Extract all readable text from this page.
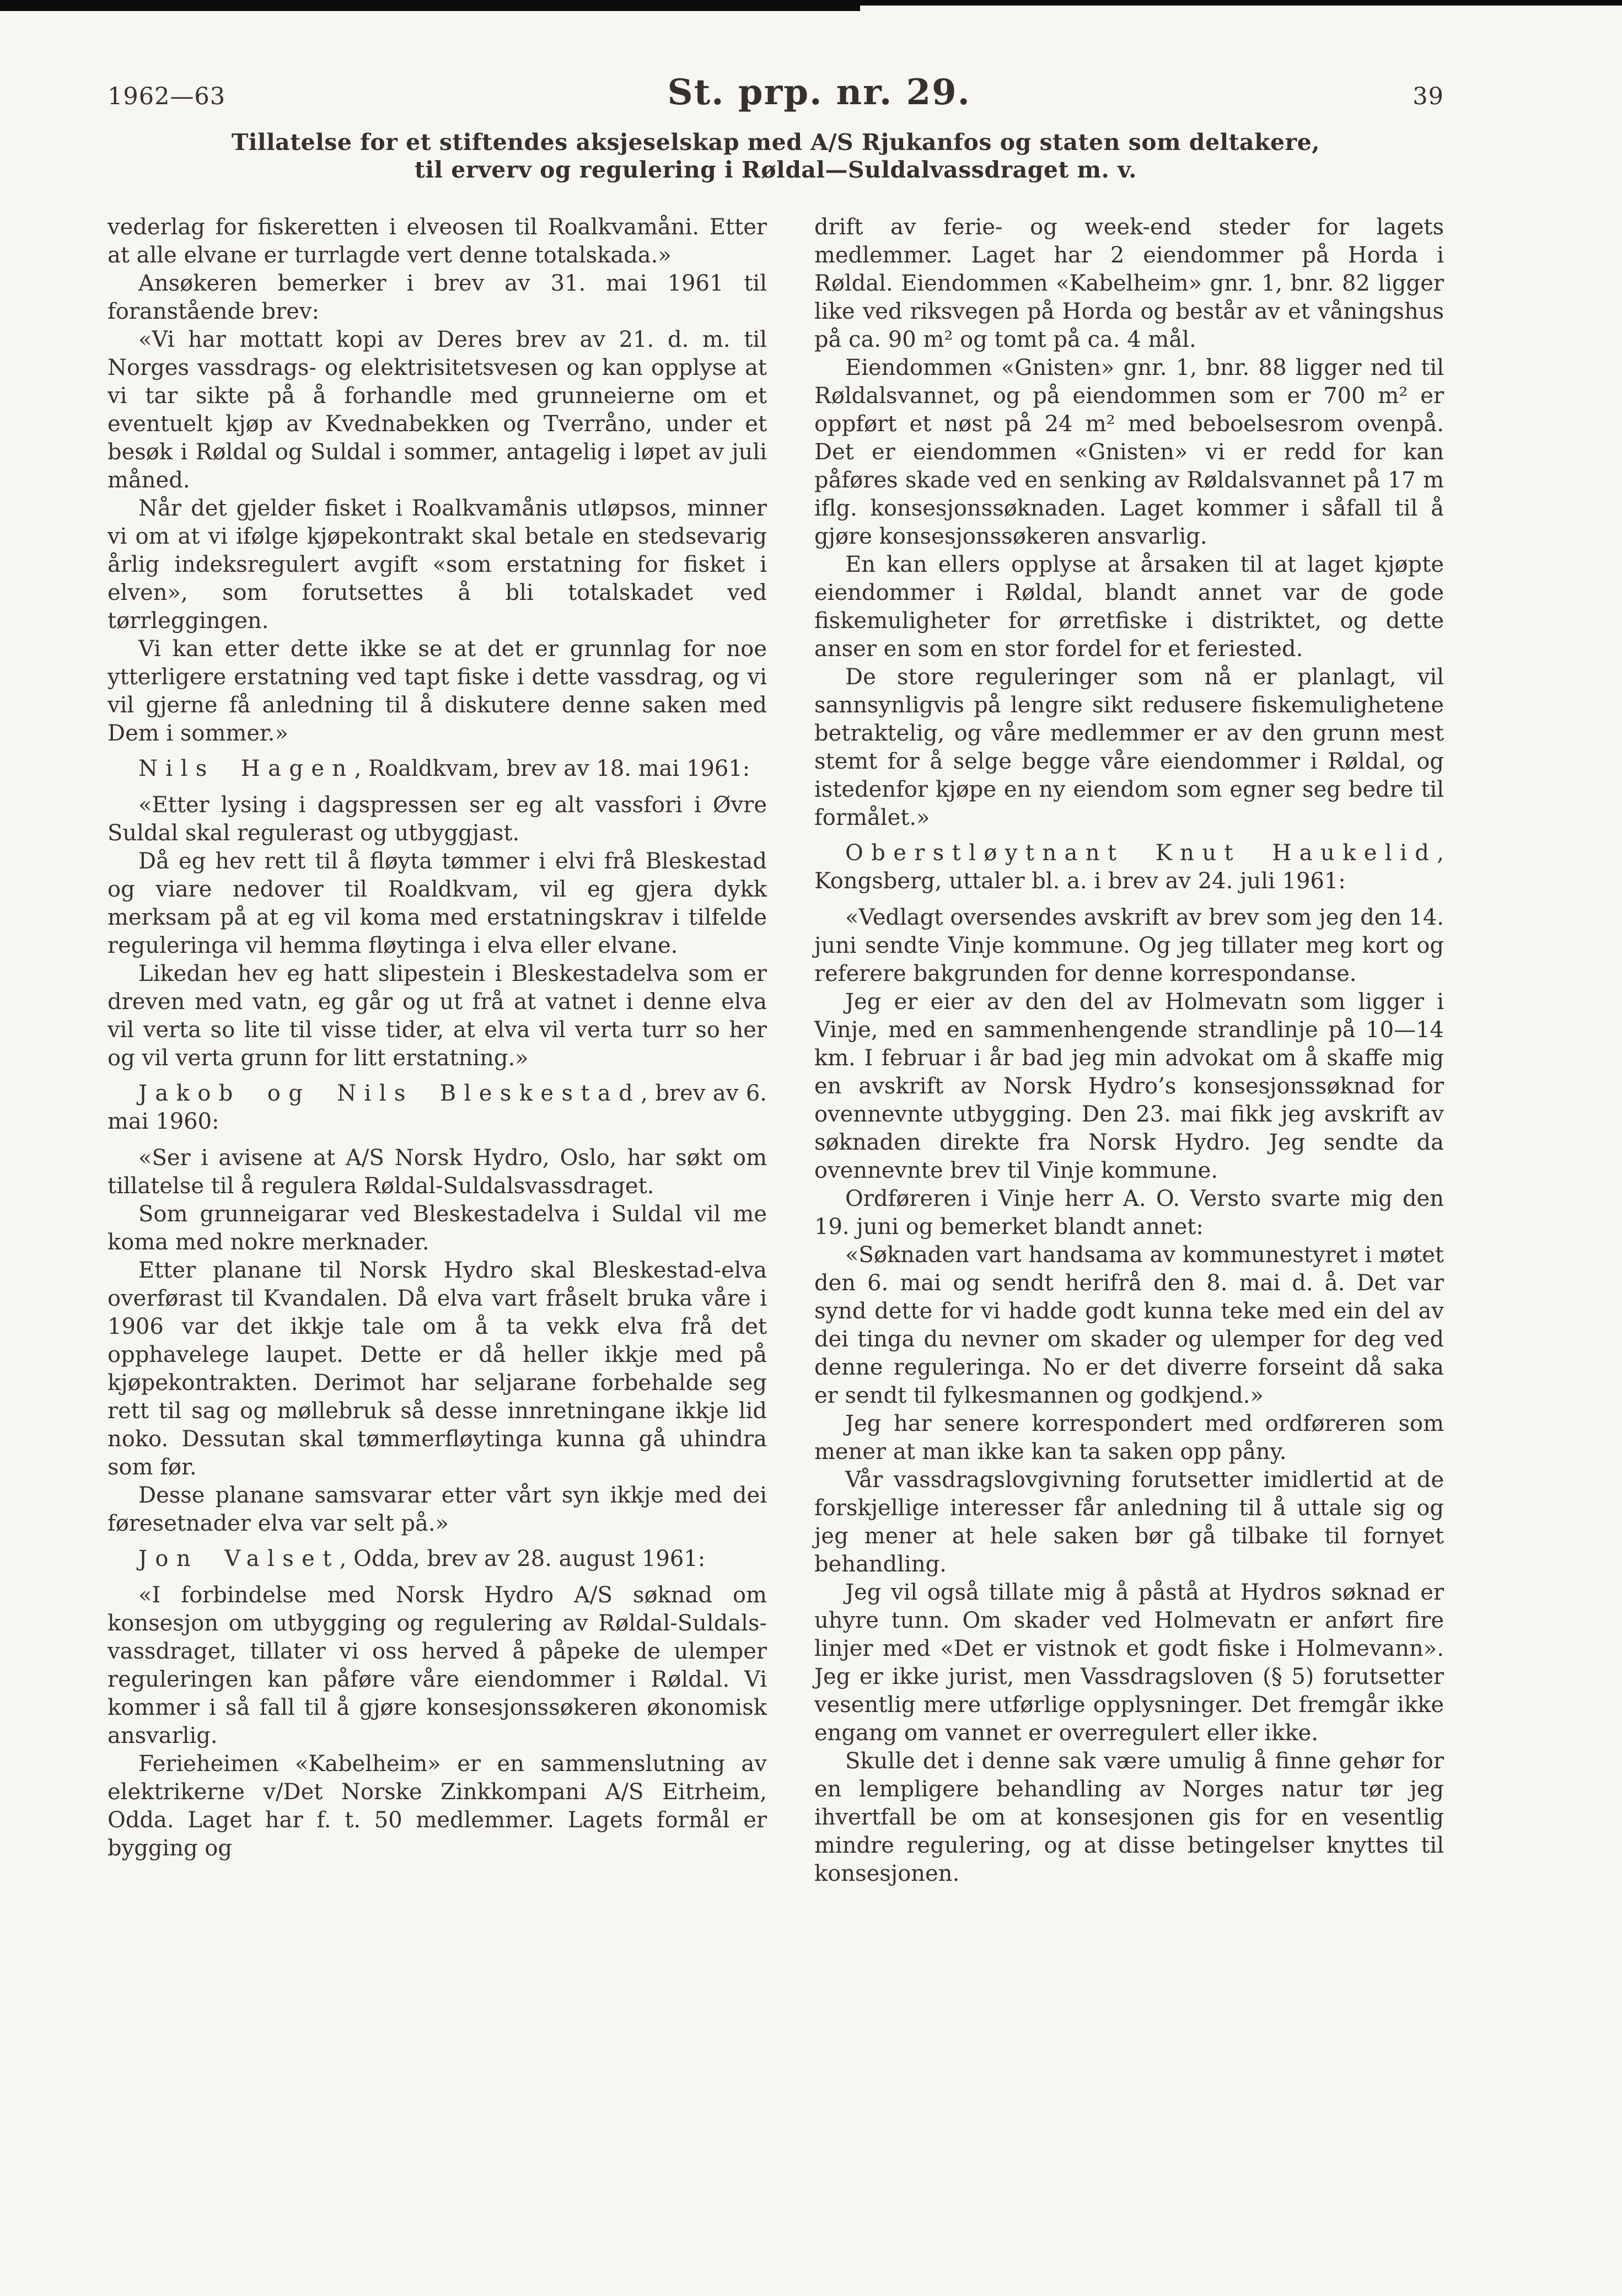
1962—63	St. prp. nr. 29.	39
Tillatelse for et stiftendes aksjeselskap med A/S Rjukanfos og staten som deltakere,
til erverv og regulering i Røldal—Suldalvassdraget m. v.

vederlag for fiskeretten i elveosen til Roalkvamåni. Etter at alle elvane er turrlagde vert denne totalskada.»

Ansøkeren bemerker i brev av 31. mai 1961 til foranstående brev:

«Vi har mottatt kopi av Deres brev av 21. d. m. til Norges vassdrags- og elektrisitetsvesen og kan opplyse at vi tar sikte på å forhandle med grunneierne om et eventuelt kjøp av Kvednabekken og Tverråno, under et besøk i Røldal og Suldal i sommer, antagelig i løpet av juli måned.

Når det gjelder fisket i Roalkvamånis utløpsos, minner vi om at vi ifølge kjøpekontrakt skal betale en stedsevarig årlig indeksregulert avgift «som erstatning for fisket i elven», som forutsettes å bli totalskadet ved tørrleggingen.

Vi kan etter dette ikke se at det er grunnlag for noe ytterligere erstatning ved tapt fiske i dette vassdrag, og vi vil gjerne få anledning til å diskutere denne saken med Dem i sommer.»

Nils Hagen, Roaldkvam, brev av 18. mai 1961:

«Etter lysing i dagspressen ser eg alt vassfori i Øvre Suldal skal regulerast og utbyggjast.

Då eg hev rett til å fløyta tømmer i elvi frå Bleskestad og viare nedover til Roaldkvam, vil eg gjera dykk merksam på at eg vil koma med erstatningskrav i tilfelde reguleringa vil hemma fløytinga i elva eller elvane.

Likedan hev eg hatt slipestein i Bleskestadelva som er dreven med vatn, eg går og ut frå at vatnet i denne elva vil verta so lite til visse tider, at elva vil verta turr so her og vil verta grunn for litt erstatning.»

Jakob og Nils Bleskestad, brev av 6. mai 1960:

«Ser i avisene at A/S Norsk Hydro, Oslo, har søkt om tillatelse til å regulera Røldal-Suldalsvassdraget.

Som grunneigarar ved Bleskestadelva i Suldal vil me koma med nokre merknader.

Etter planane til Norsk Hydro skal Bleskestad-elva overførast til Kvandalen. Då elva vart fråselt bruka våre i 1906 var det ikkje tale om å ta vekk elva frå det opphavelege laupet. Dette er då heller ikkje med på kjøpekontrakten. Derimot har seljarane forbehalde seg rett til sag og møllebruk så desse innretningane ikkje lid noko. Dessutan skal tømmerfløytinga kunna gå uhindra som før.

Desse planane samsvarar etter vårt syn ikkje med dei føresetnader elva var selt på.»

Jon Valset, Odda, brev av 28. august 1961:

«I forbindelse med Norsk Hydro A/S søknad om konsesjon om utbygging og regulering av Røldal-Suldals-vassdraget, tillater vi oss herved å påpeke de ulemper reguleringen kan påføre våre eiendommer i Røldal. Vi kommer i så fall til å gjøre konsesjonssøkeren økonomisk ansvarlig.

Ferieheimen «Kabelheim» er en sammenslutning av elektrikerne v/Det Norske Zinkkompani A/S Eitrheim, Odda. Laget har f. t. 50 medlemmer. Lagets formål er bygging og

drift av ferie- og week-end steder for lagets medlemmer. Laget har 2 eiendommer på Horda i Røldal. Eiendommen «Kabelheim» gnr. 1, bnr. 82 ligger like ved riksvegen på Horda og består av et våningshus på ca. 90 m² og tomt på ca. 4 mål.

Eiendommen «Gnisten» gnr. 1, bnr. 88 ligger ned til Røldalsvannet, og på eiendommen som er 700 m² er oppført et nøst på 24 m² med beboelsesrom ovenpå. Det er eiendommen «Gnisten» vi er redd for kan påføres skade ved en senking av Røldalsvannet på 17 m iflg. konsesjonssøknaden. Laget kommer i såfall til å gjøre konsesjonssøkeren ansvarlig.

En kan ellers opplyse at årsaken til at laget kjøpte eiendommer i Røldal, blandt annet var de gode fiskemuligheter for ørretfiske i distriktet, og dette anser en som en stor fordel for et feriested.

De store reguleringer som nå er planlagt, vil sannsynligvis på lengre sikt redusere fiskemulighetene betraktelig, og våre medlemmer er av den grunn mest stemt for å selge begge våre eiendommer i Røldal, og istedenfor kjøpe en ny eiendom som egner seg bedre til formålet.»

Oberstløytnant Knut Haukelid, Kongsberg, uttaler bl. a. i brev av 24. juli 1961:

«Vedlagt oversendes avskrift av brev som jeg den 14. juni sendte Vinje kommune. Og jeg tillater meg kort og referere bakgrunden for denne korrespondanse.

Jeg er eier av den del av Holmevatn som ligger i Vinje, med en sammenhengende strandlinje på 10—14 km. I februar i år bad jeg min advokat om å skaffe mig en avskrift av Norsk Hydro’s konsesjonssøknad for ovennevnte utbygging. Den 23. mai fikk jeg avskrift av søknaden direkte fra Norsk Hydro. Jeg sendte da ovennevnte brev til Vinje kommune.

Ordføreren i Vinje herr A. O. Versto svarte mig den 19. juni og bemerket blandt annet:

«Søknaden vart handsama av kommunestyret i møtet den 6. mai og sendt herifrå den 8. mai d. å. Det var synd dette for vi hadde godt kunna teke med ein del av dei tinga du nevner om skader og ulemper for deg ved denne reguleringa. No er det diverre forseint då saka er sendt til fylkesmannen og godkjend.»

Jeg har senere korrespondert med ordføreren som mener at man ikke kan ta saken opp påny.

Vår vassdragslovgivning forutsetter imidlertid at de forskjellige interesser får anledning til å uttale sig og jeg mener at hele saken bør gå tilbake til fornyet behandling.

Jeg vil også tillate mig å påstå at Hydros søknad er uhyre tunn. Om skader ved Holmevatn er anført fire linjer med «Det er vistnok et godt fiske i Holmevann». Jeg er ikke jurist, men Vassdragsloven (§ 5) forutsetter vesentlig mere utførlige opplysninger. Det fremgår ikke engang om vannet er overregulert eller ikke.

Skulle det i denne sak være umulig å finne gehør for en lempligere behandling av Norges natur tør jeg ihvertfall be om at konsesjonen gis for en vesentlig mindre regulering, og at disse betingelser knyttes til konsesjonen.
